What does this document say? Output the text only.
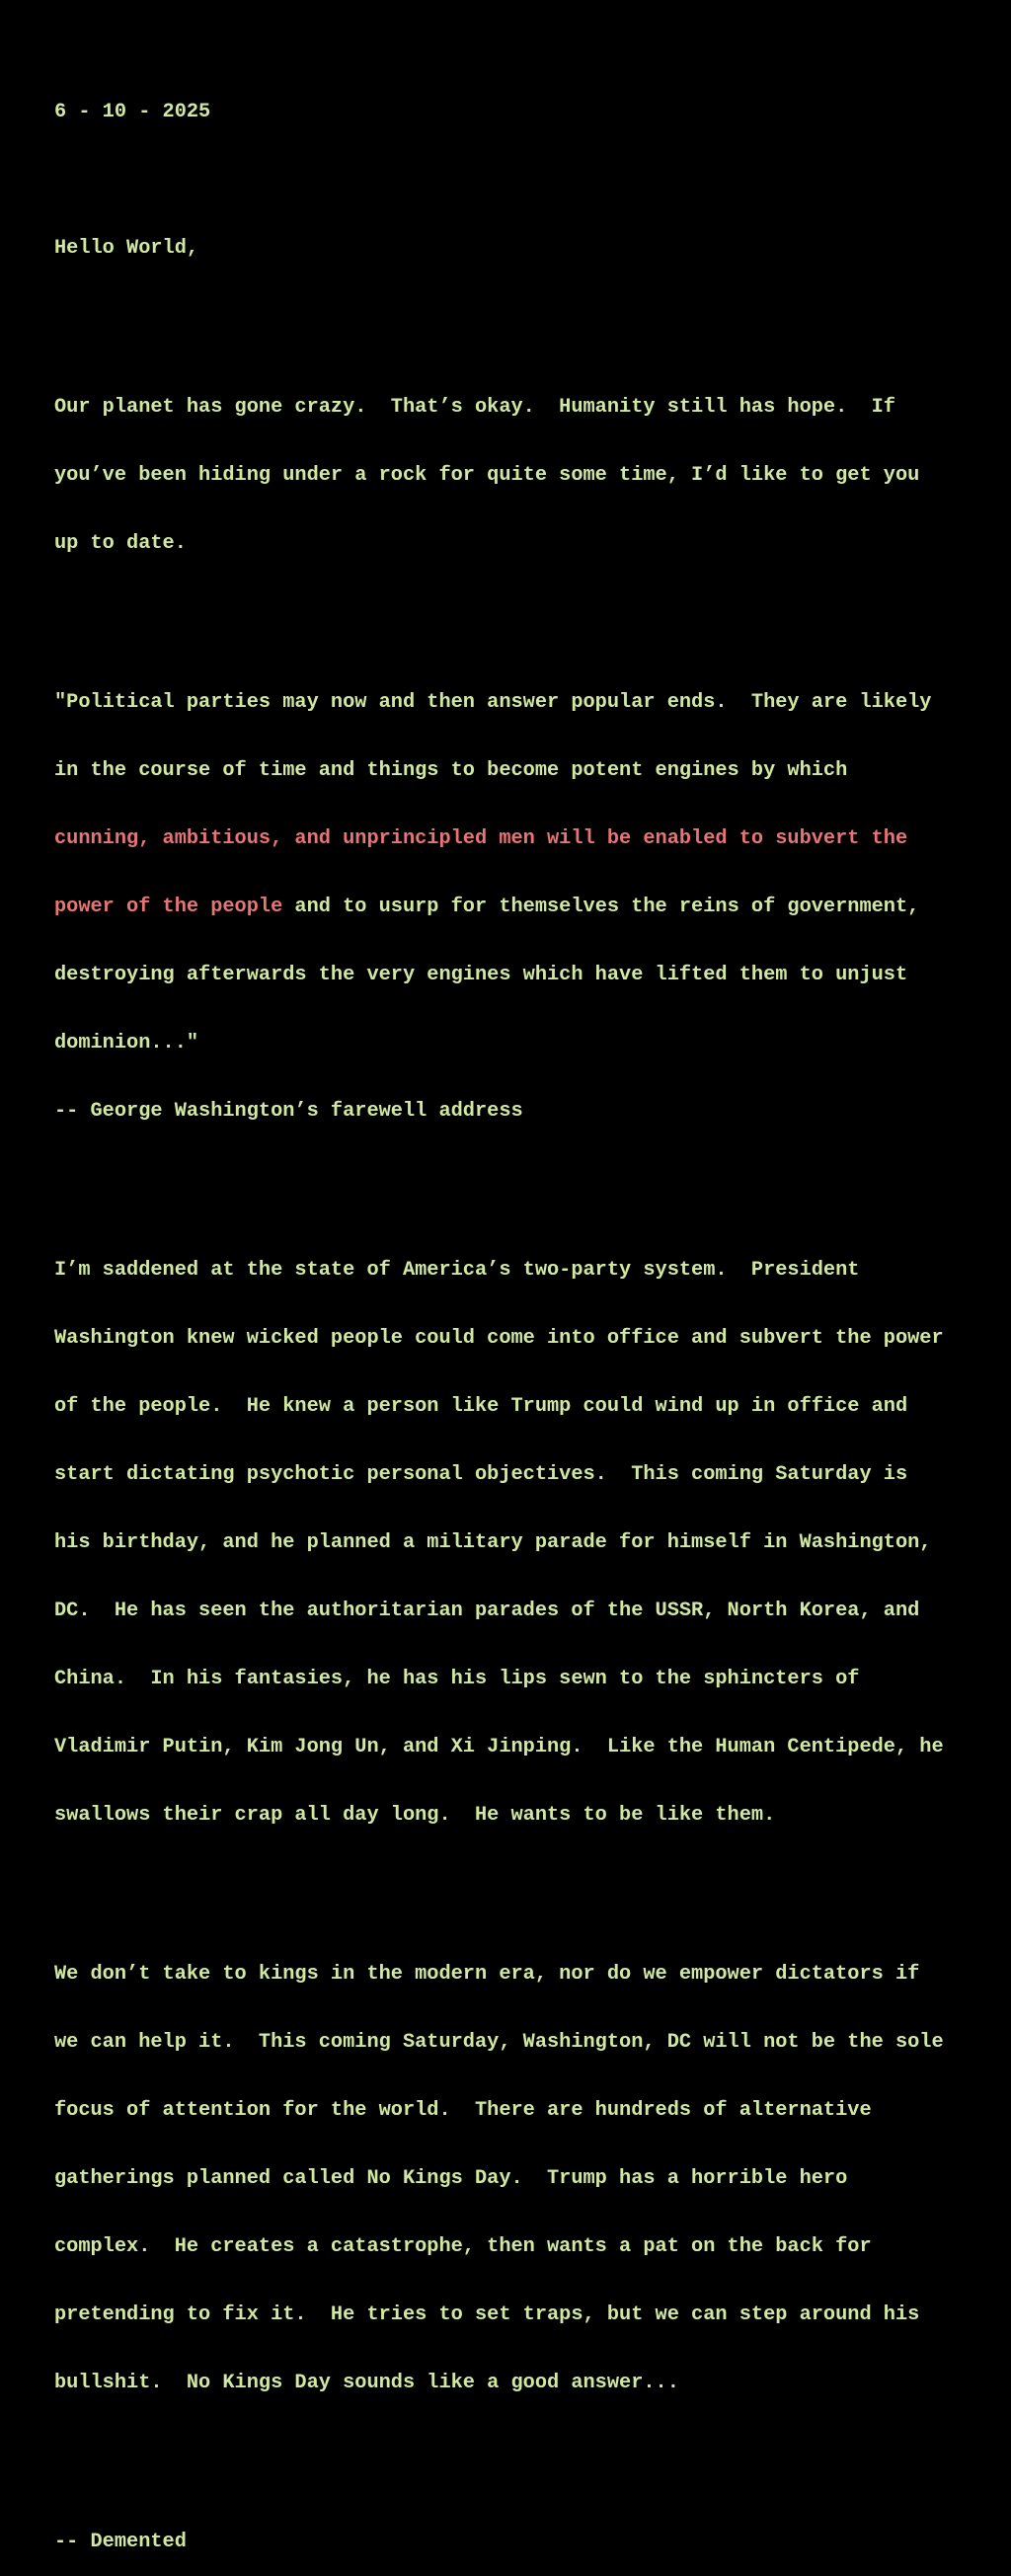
6 - 10 - 2025

Hello World,

Our planet has gone crazy.  That’s okay.  Humanity still has hope.  If

you’ve been hiding under a rock for quite some time, I’d like to get you

up to date.

"Political parties may now and then answer popular ends.  They are likely

in the course of time and things to become potent engines by which

cunning, ambitious, and unprincipled men will be enabled to subvert the

power of the people and to usurp for themselves the reins of government,

destroying afterwards the very engines which have lifted them to unjust

dominion..."

-- George Washington’s farewell address

I’m saddened at the state of America’s two-party system.  President

Washington knew wicked people could come into office and subvert the power

of the people.  He knew a person like Trump could wind up in office and

start dictating psychotic personal objectives.  This coming Saturday is

his birthday, and he planned a military parade for himself in Washington,

DC.  He has seen the authoritarian parades of the USSR, North Korea, and

China.  In his fantasies, he has his lips sewn to the sphincters of

Vladimir Putin, Kim Jong Un, and Xi Jinping.  Like the Human Centipede, he

swallows their crap all day long.  He wants to be like them.

We don’t take to kings in the modern era, nor do we empower dictators if

we can help it.  This coming Saturday, Washington, DC will not be the sole

focus of attention for the world.  There are hundreds of alternative

gatherings planned called No Kings Day.  Trump has a horrible hero

complex.  He creates a catastrophe, then wants a pat on the back for

pretending to fix it.  He tries to set traps, but we can step around his

bullshit.  No Kings Day sounds like a good answer...

-- Demented
